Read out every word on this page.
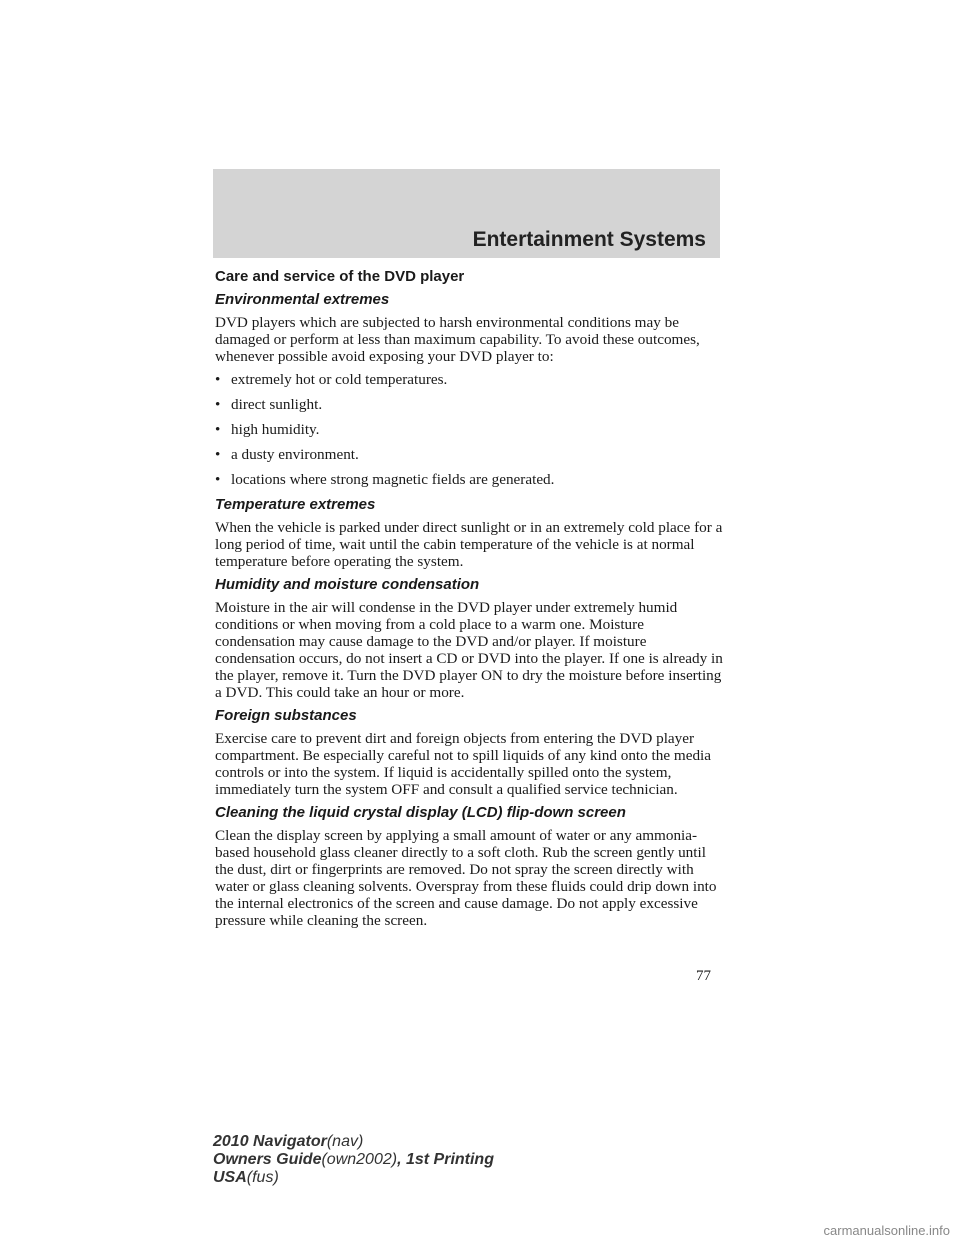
Entertainment Systems
Care and service of the DVD player
Environmental extremes

DVD players which are subjected to harsh environmental conditions may be damaged or perform at less than maximum capability. To avoid these outcomes, whenever possible avoid exposing your DVD player to:

• extremely hot or cold temperatures.
• direct sunlight.
• high humidity.
• a dusty environment.
• locations where strong magnetic fields are generated.
Temperature extremes

When the vehicle is parked under direct sunlight or in an extremely cold place for a long period of time, wait until the cabin temperature of the vehicle is at normal temperature before operating the system.

Humidity and moisture condensation

Moisture in the air will condense in the DVD player under extremely humid conditions or when moving from a cold place to a warm one. Moisture condensation may cause damage to the DVD and/or player. If moisture condensation occurs, do not insert a CD or DVD into the player. If one is already in the player, remove it. Turn the DVD player ON to dry the moisture before inserting a DVD. This could take an hour or more.

Foreign substances

Exercise care to prevent dirt and foreign objects from entering the DVD player compartment. Be especially careful not to spill liquids of any kind onto the media controls or into the system. If liquid is accidentally spilled onto the system, immediately turn the system OFF and consult a qualified service technician.

Cleaning the liquid crystal display (LCD) flip-down screen

Clean the display screen by applying a small amount of water or any ammonia-based household glass cleaner directly to a soft cloth. Rub the screen gently until the dust, dirt or fingerprints are removed. Do not spray the screen directly with water or glass cleaning solvents. Overspray from these fluids could drip down into the internal electronics of the screen and cause damage. Do not apply excessive pressure while cleaning the screen.

77
2010 Navigator(nav)
Owners Guide(own2002), 1st Printing
USA(fus)
carmanualsonline.info
